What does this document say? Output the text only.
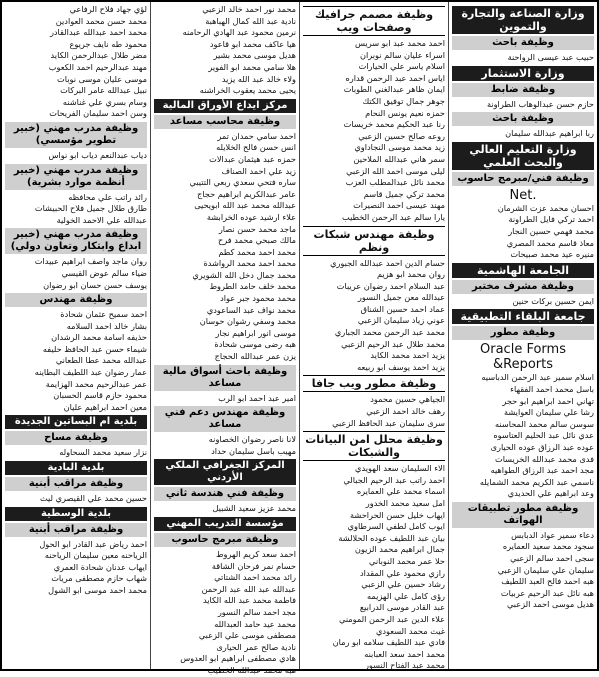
وزارة الصناعة والتجارة والتموين
وظيفة باحث
حبيب عبد عيسى الرواحنة
وزارة الاستثمار
وظيفة ضابط
حازم حسن عبدالوهاب الطراونة
وظيفة باحث
ربا ابراهيم عبدالله سليمان
وزارة التعليم العالي والبحث العلمي
وظيفة فني/مبرمج حاسوب
.Net
احسان محمد عزت الشرمان
احمد تركي فايل الطراونة
محمد فهمي حسين النجار
معاذ قاسم محمد المصري
منيره عيد محمد صبيحات
الجامعة الهاشمية
وظيفة مشرف مختبر
ايمن حسين بركات حنين
جامعة البلقاء التطبيقية
وظيفة مطور
Oracle Forms &Reports
اسلام سمير عبد الرحمن الدباسيه
باسل محمد احمد الفقهاء
تهاني احمد ابراهيم ابو حجر
رشا علي سليمان العوايشة
سوسن سالم محمد المحاسنه
عدي نائل عبد الحليم العتاسوه
عوده عبد الرزاق عوده الحيارى
فدى محمد عبدالله الخريسات
مجد احمد عبد الرزاق الطواهيه
ناسمي عبد الكريم محمد الشمايله
وعد ابراهيم علي الحديدي
وظيفة مطور تطبيقات الهواتف
دعاء سمير عواد الدبابس
سجود محمد سعيد العمايره
سجى احمد سالم الزعبي
سليمان علي سليمان الزعبي
هبه احمد فالح العبد اللطيف
هبه نائل عبد الرحيم عربيات
هديل موسى احمد الزعبي
وظيفة مصمم جرافيك وصفحات ويب
احمد محمد عبد ابو سريس
اسراء عليان سالم نوبران
اسلام ياسر علي الحيارات
اياس احمد عبد الرحمن قداره
ايمان ظاهر عبدالغني الطوبات
جوهر جمال توفيق الكتك
حمزه نعيم يونس النحام
رنا عبد الحكيم محمد خريسات
روعه صالح حسين الزعبي
زيد محمد موسى النجاداوي
سمر هاني عبدالله الملاحين
ليلى موسى احمد الله الزعبي
محمد نائل عبدالمطلب العزب
محمد تركي جميل قاسم
مهند عيسى احمد النصيرات
يارا سالم عبد الرحمن الخطيب
وظيفة مهندس شبكات ونظم
حسام الدين احمد عبدالله الجبوري
روان محمد ابو هزيم
عبد السلام احمد رضوان عريبات
عبدالله معن جميل النسور
عماد احمد حسين الشناق
عوني زياد سليمان الزعبي
محمد عبد الرحمن محمد الجباري
محمد طلال عبد الرحيم الزعبي
يزيد احمد محمد الكايد
يزيد احمد يوسف ابو ربيعه
وظيفة مطور ويب جافا
الجياهي حسين محمود
رهف خالد احمد الزعبي
سرى سليمان عبد الحافظ الزعبي
وظيفة محلل امن البيانات والشبكات
الاء السليمان سعد الهويدي
احمد راتب عبد الرحيم الجبالي
اسماء محمد علي العمايره
امل سعيد محمد الخدور
ايهاب خليل حسن الحراحشة
ايوب كامل لطفي السرطاوي
بيان عبد اللطيف عوده الحلالشة
جمال ابراهيم محمد الزيون
حلا عمر محمد النوباني
رازي محمود علي المقداد
رشاد حسين علي الزعبي
رؤى كامل علي الهزيمه
عبد القادر موسى الدرابيع
علاء الدين عبد الرحمن المومني
غيث محمد السعودي
فادي عبد اللطيف سلامه ابو رمان
محمد احمد سعد العبابنه
محمد عبد الفتاح النسور
محمد نور احمد خالد الزعبي
نادية عبد الله كمال الهباهبة
نرمين محمود عبد الهادي الرحامنه
هيا عاكف محمد ابو قاعود
هديل موسى محمد بشير
هلا سامي محمد ابو الفوير
ولاء خالد عبد الله يزيد
يحيى محمد يعقوب الخراشنه
مركز ايداع الأوراق المالية
وظيفة محاسب مساعد
احمد سامي حمدان تمر
انس حسن فالح الخلايله
حمزه عبد هيثمان عبدالات
زيد علي احمد الصناف
ساره فتحي سعدي ربعي التتيبي
عامر عبدالكريم ابراهيم حجاج
عبدالله محمد عبد الله ابويحيى
علاء ارشيد عوده الخرابشة
ماجد محمد حسن نصار
مالك صبحي محمد فرح
محمد احمد محمد كطم
محمد احمد محمد الرواشدة
محمد جمال دخل الله الشويري
محمد خلف حامد الطروط
محمد محمود جبر عواد
محمد نواف عبد الساعودي
محمد وسفي رشوان حوسان
موسى انور ابراهيم نجار
هبه رضى موسى شحادة
يزن عمر عبدالله الحجاج
وظيفة باحث أسواق مالية مساعد
امير عبد احمد ابو الرب
وظيفة مهندس دعم فني مساعد
لانا ناصر رضوان الخصاونه
مهيب باسل سليمان حداد
المركز الجغرافي الملكي الأردني
وظيفة فني هندسة ثاني
محمد عزيز سعيد الشبيل
مؤسسة التدريب المهني
وظيفة مبرمج حاسوب
احمد سعد كريم الهروط
حسام نمر فرحان الشاقة
رائد محمد احمد الشتاتي
عبدالله عبد الله عبد الرحمن
فاطمة محمد عبد الله الكايد
مجد احمد سالم النسور
محمد عيد حامد العبدالله
مصطفى موسى علي الزعبي
نادية صالح عمر الحيارى
هادي مصطفى ابراهيم ابو العدوس
هبة محمد عبدالله الخطيب
لؤي جهاد فلاح الرفاعي
محمد حسن محمد العوادين
محمد احمد عبدالله عبدالقادر
محمود طه نايف جريوع
مضر طلال عبدالرحمن الكايد
مهند عبدالرحيم احمد الكعوب
موسى عليان موسى نوبات
نبيل عبدالله عامر البركات
وسام بسري علي غناشنه
وسن احمد سليمان الفريحات
وظيفة مدرب مهني (خبير تطوير مؤسسي)
دياب عبدالنعم دياب ابو نواس
وظيفة مدرب مهني (خبير أنظمة موارد بشرية)
رائد راتب علي محافظه
طارق طلال جميل فلاح الحبيشات
عبدالله علي الاحمد الخولية
وظيفة مدرب مهني (خبير ابداع وابتكار وتعاون دولي)
روان ماجد واصف ابراهيم عبيدات
ضياء سالم عوض القيسي
يوسف حسن حسان ابو رضوان
وظيفة مهندس
احمد سميح عثمان شحادة
بشار خالد احمد السلامه
حذيفه اسامة محمد الرشدان
شيماء حسن عبد الحافظ حليفه
عبدالله محمد عطا الطعاني
عمار رضوان عبد اللطيف البطاينه
عمر عبدالرحيم محمد الهزايمة
محمود حازم قاسم الحسبان
معين احمد ابراهيم عليان
بلدية ام البساتين الجديدة
وظيفة مساح
نزار سعيد محمد السحاوله
بلدية البادية
وظيفة مراقب أبنية
حسين محمد علي القيصري ليث
بلدية الوسطية
وظيفة مراقب أبنية
احمد رياض عبد القادر ابو الحول
الرياحنه معين سليمان الرياحنه
ايهاب عدنان شحادة العمري
شهاب حازم مصطفى مريات
محمد احمد موسى ابو الشول
